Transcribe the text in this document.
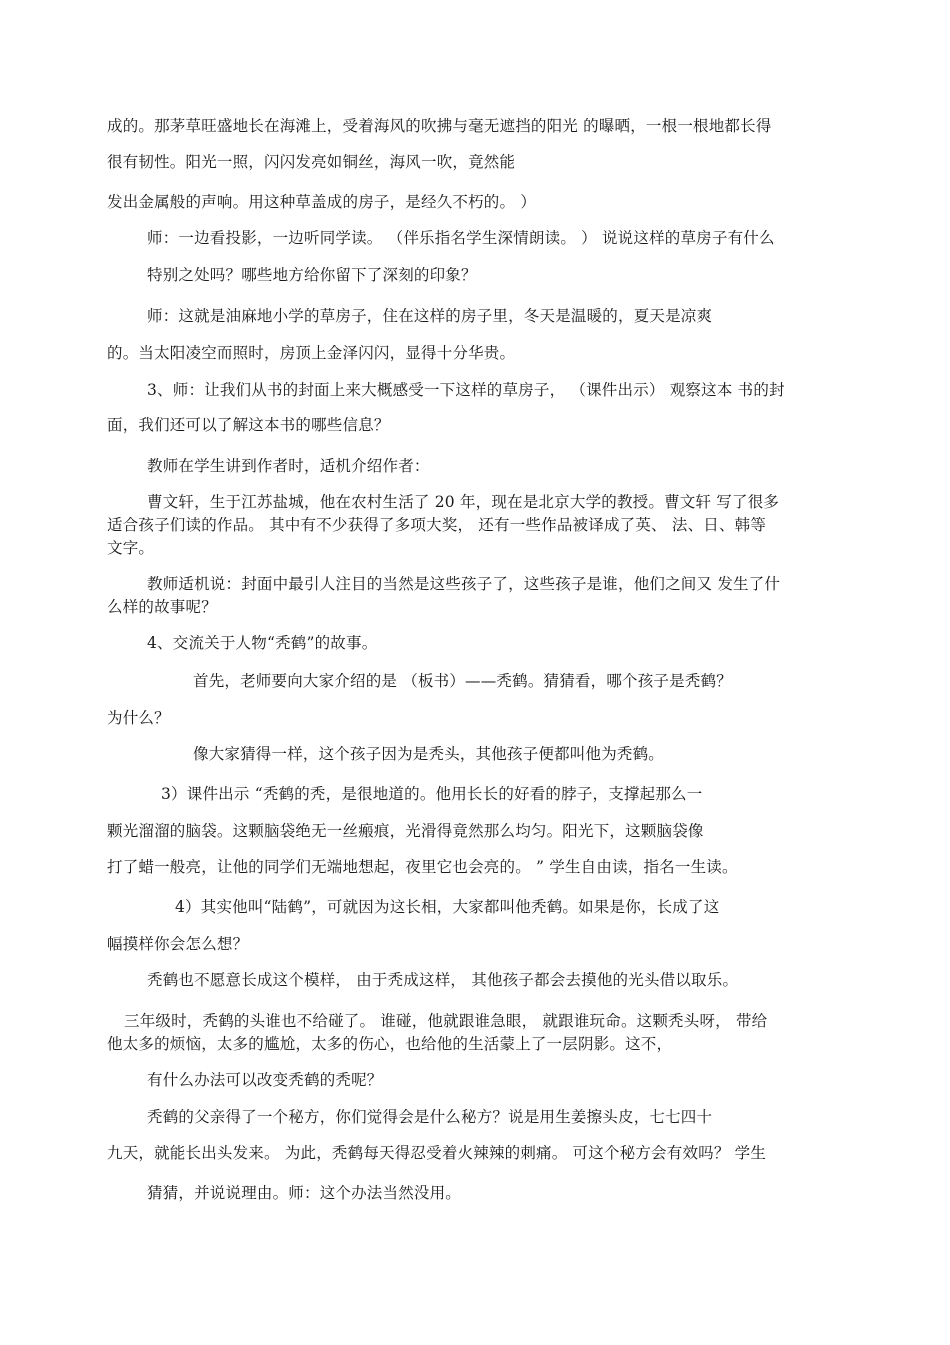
成的。那茅草旺盛地长在海滩上，受着海风的吹拂与毫无遮挡的阳光 的曝晒，一根一根地都长得
很有韧性。阳光一照，闪闪发亮如铜丝，海风一吹，竟然能
发出金属般的声响。用这种草盖成的房子，是经久不朽的。 ）
师：一边看投影，一边听同学读。 （伴乐指名学生深情朗读。 ） 说说这样的草房子有什么
特别之处吗？哪些地方给你留下了深刻的印象？
师：这就是油麻地小学的草房子，住在这样的房子里，冬天是温暖的，夏天是凉爽
的。当太阳凌空而照时，房顶上金泽闪闪，显得十分华贵。
3、师：让我们从书的封面上来大概感受一下这样的草房子， （课件出示） 观察这本 书的封
面，我们还可以了解这本书的哪些信息？
教师在学生讲到作者时，适机介绍作者：
曹文轩，生于江苏盐城，他在农村生活了 20 年，现在是北京大学的教授。曹文轩 写了很多
适合孩子们读的作品。 其中有不少获得了多项大奖， 还有一些作品被译成了英、 法、日、韩等
文字。
教师适机说：封面中最引人注目的当然是这些孩子了，这些孩子是谁，他们之间又 发生了什
么样的故事呢？
4、交流关于人物“秃鹤”的故事。
首先，老师要向大家介绍的是 （板书）——秃鹤。猜猜看，哪个孩子是秃鹤？
为什么？
像大家猜得一样，这个孩子因为是秃头，其他孩子便都叫他为秃鹤。
3）课件出示 “秃鹤的秃，是很地道的。他用长长的好看的脖子，支撑起那么一
颗光溜溜的脑袋。这颗脑袋绝无一丝瘢痕，光滑得竟然那么均匀。阳光下，这颗脑袋像
打了蜡一般亮，让他的同学们无端地想起，夜里它也会亮的。 ” 学生自由读，指名一生读。
4）其实他叫“陆鹤”，可就因为这长相，大家都叫他秃鹤。如果是你，长成了这
幅摸样你会怎么想？
秃鹤也不愿意长成这个模样， 由于秃成这样， 其他孩子都会去摸他的光头借以取乐。
三年级时，秃鹤的头谁也不给碰了。 谁碰，他就跟谁急眼， 就跟谁玩命。这颗秃头呀， 带给
他太多的烦恼，太多的尴尬，太多的伤心，也给他的生活蒙上了一层阴影。这不，
有什么办法可以改变秃鹤的秃呢？
秃鹤的父亲得了一个秘方，你们觉得会是什么秘方？说是用生姜擦头皮，七七四十
九天，就能长出头发来。 为此，秃鹤每天得忍受着火辣辣的刺痛。 可这个秘方会有效吗？ 学生
猜猜，并说说理由。师：这个办法当然没用。
